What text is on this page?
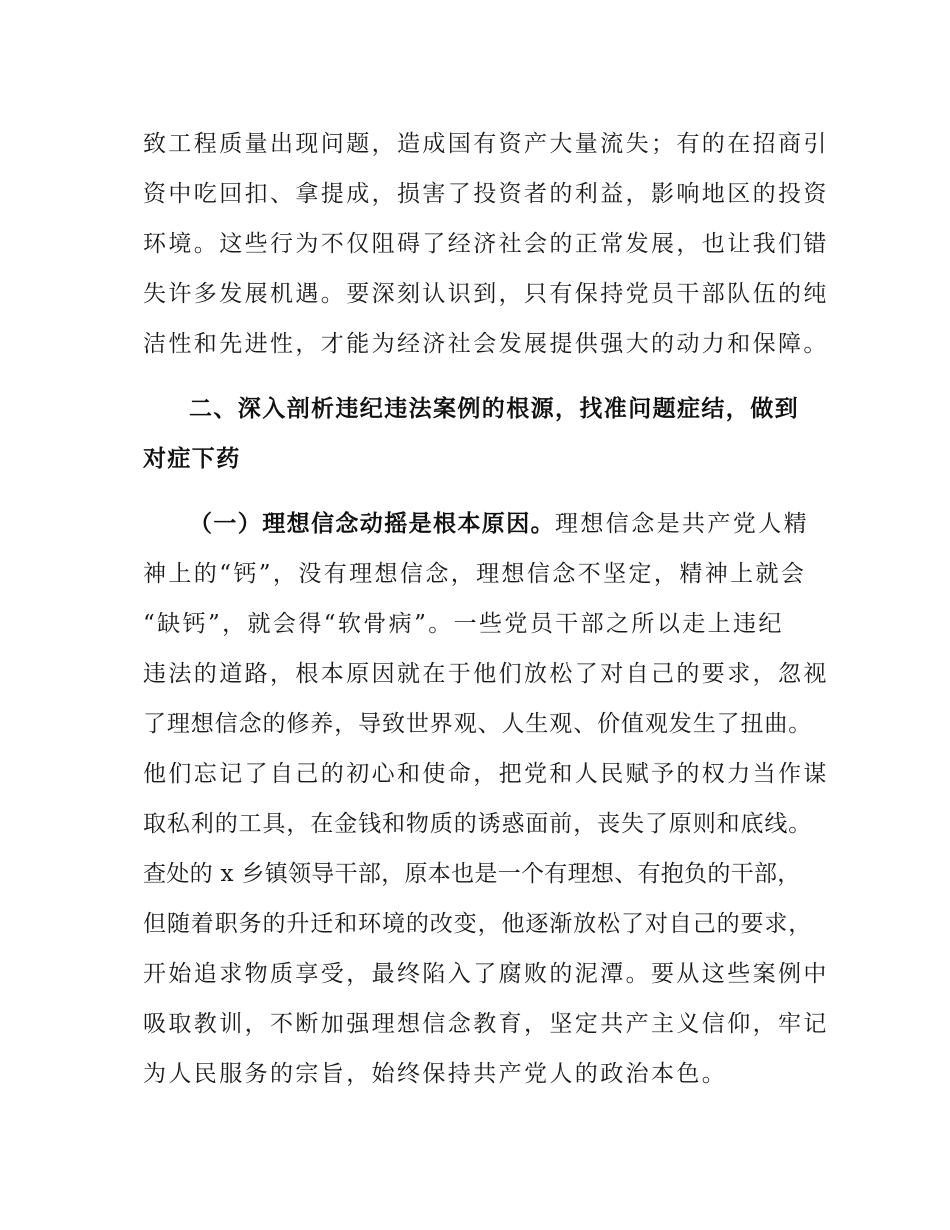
致工程质量出现问题，造成国有资产大量流失；有的在招商引
资中吃回扣、拿提成，损害了投资者的利益，影响地区的投资
环境。这些行为不仅阻碍了经济社会的正常发展，也让我们错
失许多发展机遇。要深刻认识到，只有保持党员干部队伍的纯
洁性和先进性，才能为经济社会发展提供强大的动力和保障。
二、深入剖析违纪违法案例的根源，找准问题症结，做到
对症下药
（一）理想信念动摇是根本原因。理想信念是共产党人精
神上的“钙”，没有理想信念，理想信念不坚定，精神上就会
“缺钙”，就会得“软骨病”。一些党员干部之所以走上违纪
违法的道路，根本原因就在于他们放松了对自己的要求，忽视
了理想信念的修养，导致世界观、人生观、价值观发生了扭曲。
他们忘记了自己的初心和使命，把党和人民赋予的权力当作谋
取私利的工具，在金钱和物质的诱惑面前，丧失了原则和底线。
查处的 x 乡镇领导干部，原本也是一个有理想、有抱负的干部，
但随着职务的升迁和环境的改变，他逐渐放松了对自己的要求，
开始追求物质享受，最终陷入了腐败的泥潭。要从这些案例中
吸取教训，不断加强理想信念教育，坚定共产主义信仰，牢记
为人民服务的宗旨，始终保持共产党人的政治本色。
